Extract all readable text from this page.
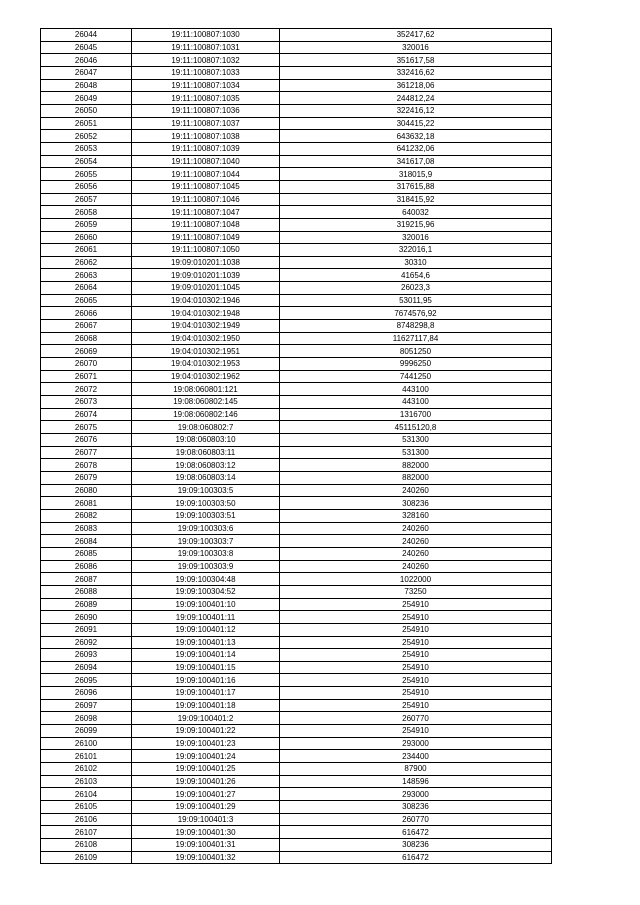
26044	19:11:100807:1030	352417,62
26045	19:11:100807:1031	320016
26046	19:11:100807:1032	351617,58
26047	19:11:100807:1033	332416,62
26048	19:11:100807:1034	361218,06
26049	19:11:100807:1035	244812,24
26050	19:11:100807:1036	322416,12
26051	19:11:100807:1037	304415,22
26052	19:11:100807:1038	643632,18
26053	19:11:100807:1039	641232,06
26054	19:11:100807:1040	341617,08
26055	19:11:100807:1044	318015,9
26056	19:11:100807:1045	317615,88
26057	19:11:100807:1046	318415,92
26058	19:11:100807:1047	640032
26059	19:11:100807:1048	319215,96
26060	19:11:100807:1049	320016
26061	19:11:100807:1050	322016,1
26062	19:09:010201:1038	30310
26063	19:09:010201:1039	41654,6
26064	19:09:010201:1045	26023,3
26065	19:04:010302:1946	53011,95
26066	19:04:010302:1948	7674576,92
26067	19:04:010302:1949	8748298,8
26068	19:04:010302:1950	11627117,84
26069	19:04:010302:1951	8051250
26070	19:04:010302:1953	9996250
26071	19:04:010302:1962	7441250
26072	19:08:060801:121	443100
26073	19:08:060802:145	443100
26074	19:08:060802:146	1316700
26075	19:08:060802:7	45115120,8
26076	19:08:060803:10	531300
26077	19:08:060803:11	531300
26078	19:08:060803:12	882000
26079	19:08:060803:14	882000
26080	19:09:100303:5	240260
26081	19:09:100303:50	308236
26082	19:09:100303:51	328160
26083	19:09:100303:6	240260
26084	19:09:100303:7	240260
26085	19:09:100303:8	240260
26086	19:09:100303:9	240260
26087	19:09:100304:48	1022000
26088	19:09:100304:52	73250
26089	19:09:100401:10	254910
26090	19:09:100401:11	254910
26091	19:09:100401:12	254910
26092	19:09:100401:13	254910
26093	19:09:100401:14	254910
26094	19:09:100401:15	254910
26095	19:09:100401:16	254910
26096	19:09:100401:17	254910
26097	19:09:100401:18	254910
26098	19:09:100401:2	260770
26099	19:09:100401:22	254910
26100	19:09:100401:23	293000
26101	19:09:100401:24	234400
26102	19:09:100401:25	87900
26103	19:09:100401:26	148596
26104	19:09:100401:27	293000
26105	19:09:100401:29	308236
26106	19:09:100401:3	260770
26107	19:09:100401:30	616472
26108	19:09:100401:31	308236
26109	19:09:100401:32	616472
